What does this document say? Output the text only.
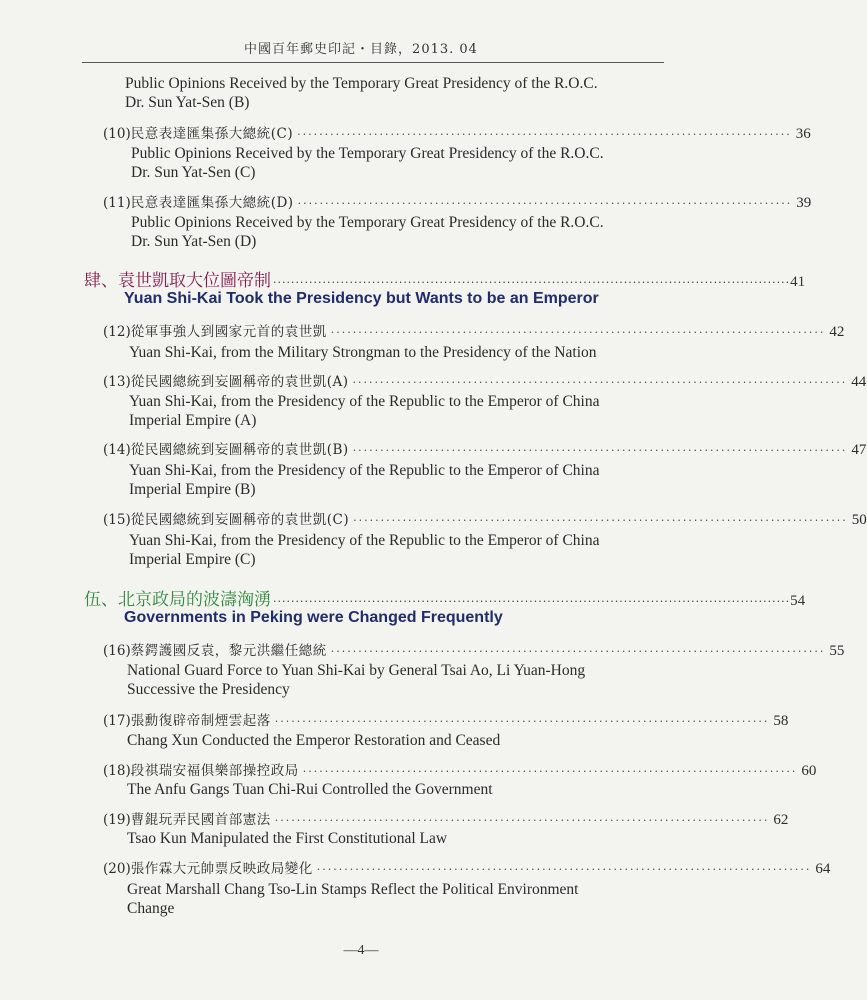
中國百年郵史印記・目錄，2013. 04
Public Opinions Received by the Temporary Great Presidency of the R.O.C.
Dr. Sun Yat-Sen (B)
(10) 民意表達匯集孫大總統(C) ·························································································· 36
Public Opinions Received by the Temporary Great Presidency of the R.O.C.
Dr. Sun Yat-Sen (C)
(11) 民意表達匯集孫大總統(D) ·························································································· 39
Public Opinions Received by the Temporary Great Presidency of the R.O.C.
Dr. Sun Yat-Sen (D)
肆、袁世凱取大位圖帝制 ··················································································································· 41
Yuan Shi-Kai Took the Presidency but Wants to be an Emperor
(12) 從軍事強人到國家元首的袁世凱 ·························································································· 42
Yuan Shi-Kai, from the Military Strongman to the Presidency of the Nation
(13) 從民國總統到妄圖稱帝的袁世凱(A) ·························································································· 44
Yuan Shi-Kai, from the Presidency of the Republic to the Emperor of China
Imperial Empire (A)
(14) 從民國總統到妄圖稱帝的袁世凱(B) ·························································································· 47
Yuan Shi-Kai, from the Presidency of the Republic to the Emperor of China
Imperial Empire (B)
(15) 從民國總統到妄圖稱帝的袁世凱(C) ·························································································· 50
Yuan Shi-Kai, from the Presidency of the Republic to the Emperor of China
Imperial Empire (C)
伍、北京政局的波濤洶湧 ··················································································································· 54
Governments in Peking were Changed Frequently
(16) 蔡鍔護國反袁，黎元洪繼任總統 ·························································································· 55
National Guard Force to Yuan Shi-Kai by General Tsai Ao, Li Yuan-Hong
Successive the Presidency
(17) 張勳復辟帝制煙雲起落 ·························································································· 58
Chang Xun Conducted the Emperor Restoration and Ceased
(18) 段祺瑞安福俱樂部操控政局 ·························································································· 60
The Anfu Gangs Tuan Chi-Rui Controlled the Government
(19) 曹錕玩弄民國首部憲法 ·························································································· 62
Tsao Kun Manipulated the First Constitutional Law
(20) 張作霖大元帥票反映政局變化 ·························································································· 64
Great Marshall Chang Tso-Lin Stamps Reflect the Political Environment
Change
—4—
